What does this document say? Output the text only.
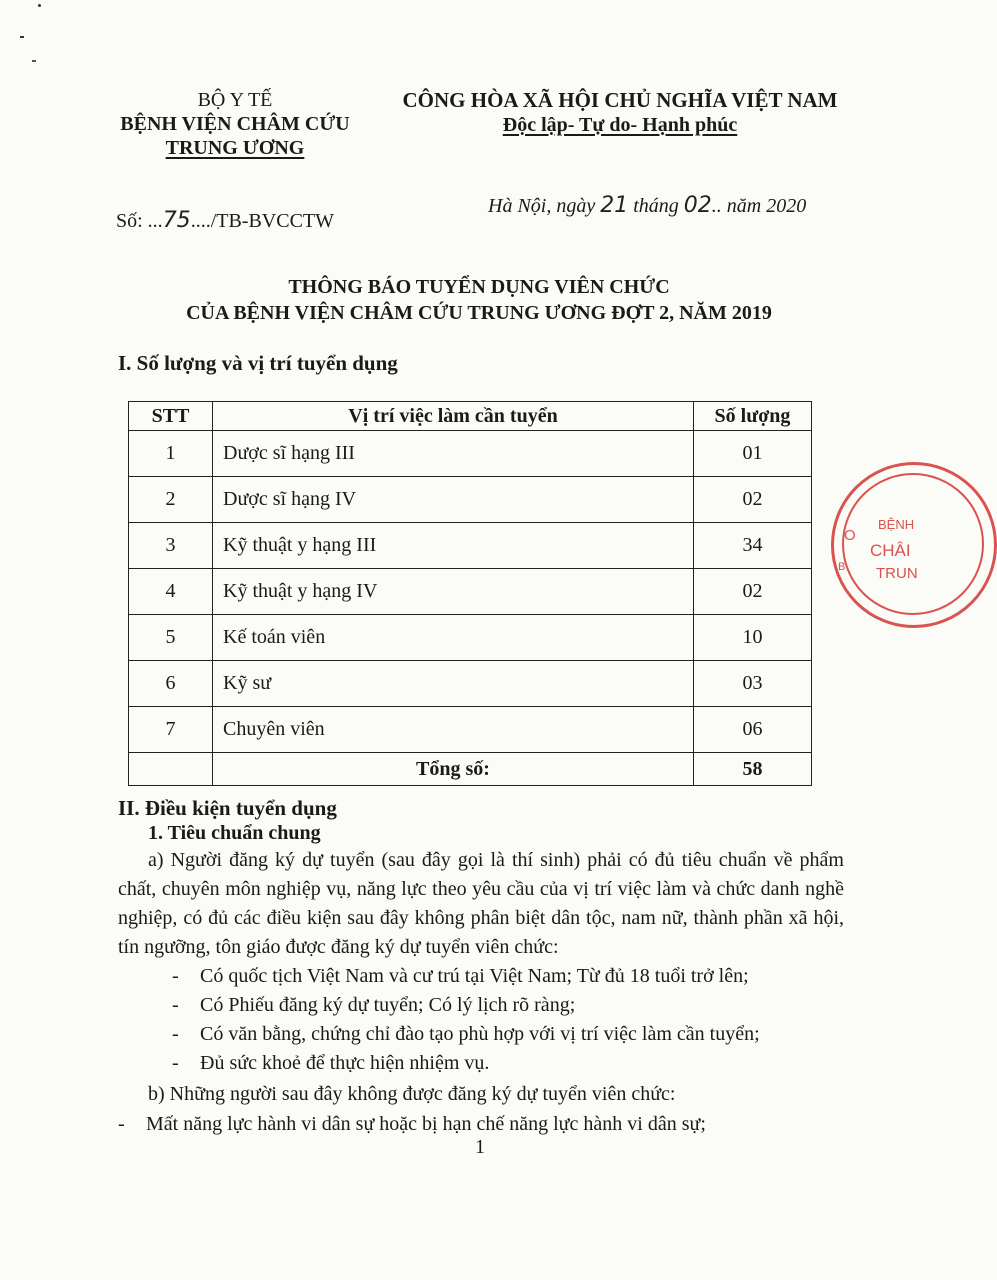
BỘ Y TẾ
BỆNH VIỆN CHÂM CỨU
TRUNG ƯƠNG
CÔNG HÒA XÃ HỘI CHỦ NGHĨA VIỆT NAM
Độc lập- Tự do- Hạnh phúc
Số: ...75..../TB-BVCCTW
Hà Nội, ngày 21 tháng 02.. năm 2020
THÔNG BÁO TUYỂN DỤNG VIÊN CHỨC
CỦA BỆNH VIỆN CHÂM CỨU TRUNG ƯƠNG ĐỢT 2, NĂM 2019
I. Số lượng và vị trí tuyển dụng
STT	Vị trí việc làm cần tuyển	Số lượng
1	Dược sĩ hạng III	01
2	Dược sĩ hạng IV	02
3	Kỹ thuật y hạng III	34
4	Kỹ thuật y hạng IV	02
5	Kế toán viên	10
6	Kỹ sư	03
7	Chuyên viên	06
	Tổng số:	58
II. Điều kiện tuyển dụng
1. Tiêu chuẩn chung
a) Người đăng ký dự tuyển (sau đây gọi là thí sinh) phải có đủ tiêu chuẩn về phẩm chất, chuyên môn nghiệp vụ, năng lực theo yêu cầu của vị trí việc làm và chức danh nghề nghiệp, có đủ các điều kiện sau đây không phân biệt dân tộc, nam nữ, thành phần xã hội, tín ngưỡng, tôn giáo được đăng ký dự tuyển viên chức:
- Có quốc tịch Việt Nam và cư trú tại Việt Nam; Từ đủ 18 tuổi trở lên;
- Có Phiếu đăng ký dự tuyển; Có lý lịch rõ ràng;
- Có văn bằng, chứng chỉ đào tạo phù hợp với vị trí việc làm cần tuyển;
- Đủ sức khoẻ để thực hiện nhiệm vụ.
b) Những người sau đây không được đăng ký dự tuyển viên chức:
- Mất năng lực hành vi dân sự hoặc bị hạn chế năng lực hành vi dân sự;
1
BỆNH
CHÂI
TRUN
O
B
